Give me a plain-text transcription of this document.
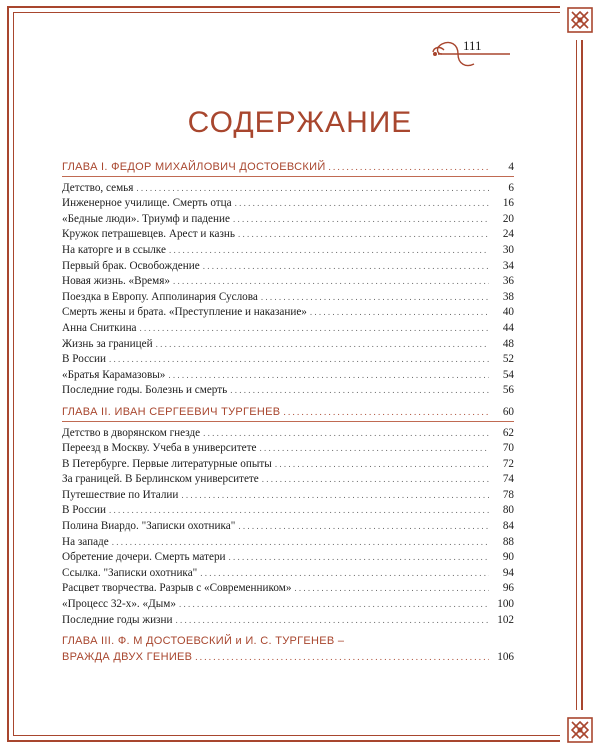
111
СОДЕРЖАНИЕ
ГЛАВА I. ФЕДОР МИХАЙЛОВИЧ ДОСТОЕВСКИЙ . . .	4
Детство, семья . . .	6
Инженерное училище. Смерть отца . . .	16
«Бедные люди». Триумф и падение . . .	20
Кружок петрашевцев. Арест и казнь . . .	24
На каторге и в ссылке . . .	30
Первый брак. Освобождение . . .	34
Новая жизнь. «Время» . . .	36
Поездка в Европу. Апполинария Суслова . . .	38
Смерть жены и брата. «Преступление и наказание» . . .	40
Анна Сниткина . . .	44
Жизнь за границей . . .	48
В России . . .	52
«Братья Карамазовы» . . .	54
Последние годы. Болезнь и смерть . . .	56
ГЛАВА II. ИВАН СЕРГЕЕВИЧ ТУРГЕНЕВ . . .	60
Детство в дворянском гнезде . . .	62
Переезд в Москву. Учеба в университете . . .	70
В Петербурге. Первые литературные опыты . . .	72
За границей. В Берлинском университете . . .	74
Путешествие по Италии . . .	78
В России . . .	80
Полина Виардо. "Записки охотника" . . .	84
На западе . . .	88
Обретение дочери. Смерть матери . . .	90
Ссылка. "Записки охотника" . . .	94
Расцвет творчества. Разрыв с «Современником» . . .	96
«Процесс 32-х». «Дым» . . .	100
Последние годы жизни . . .	102
ГЛАВА III. Ф. М ДОСТОЕВСКИЙ и И. С. ТУРГЕНЕВ –
ВРАЖДА ДВУХ ГЕНИЕВ . . .	106
